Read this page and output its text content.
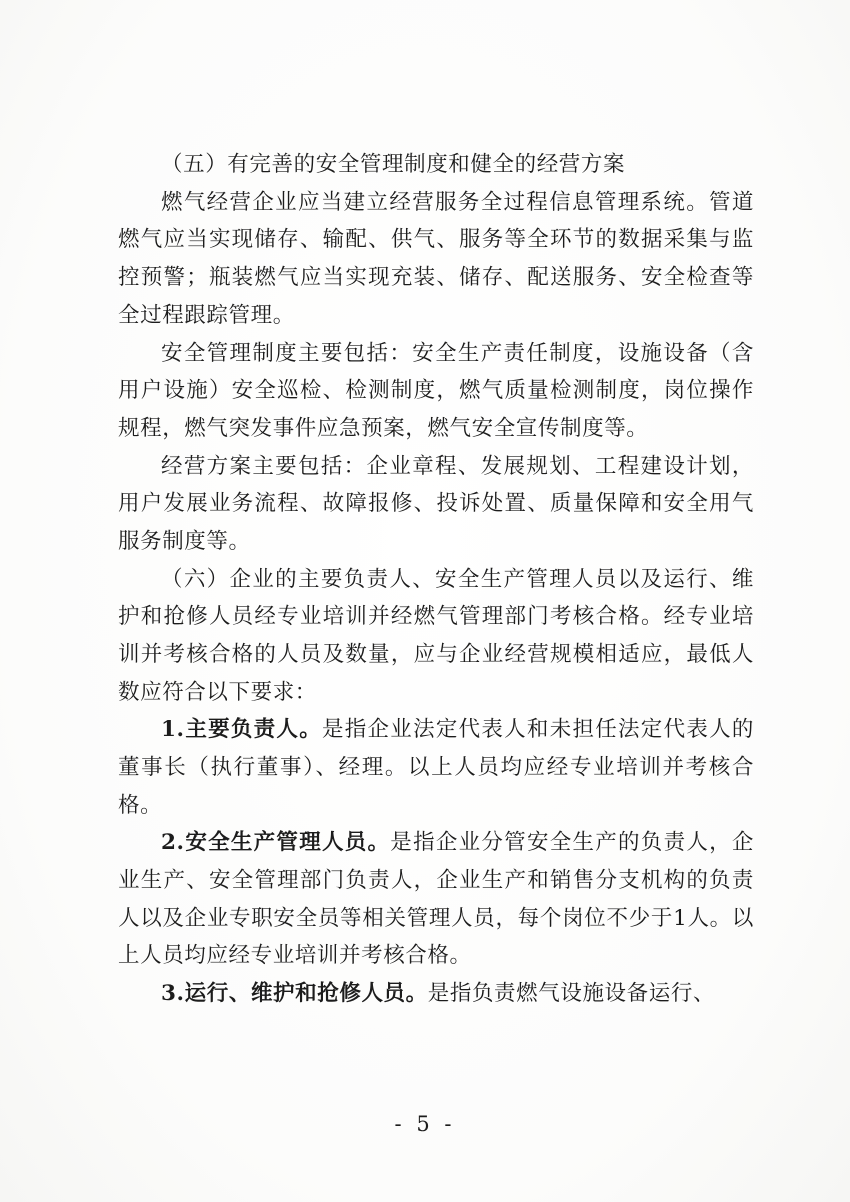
（五）有完善的安全管理制度和健全的经营方案

燃气经营企业应当建立经营服务全过程信息管理系统。管道燃气应当实现储存、输配、供气、服务等全环节的数据采集与监控预警；瓶装燃气应当实现充装、储存、配送服务、安全检查等全过程跟踪管理。

安全管理制度主要包括：安全生产责任制度，设施设备（含用户设施）安全巡检、检测制度，燃气质量检测制度，岗位操作规程，燃气突发事件应急预案，燃气安全宣传制度等。

经营方案主要包括：企业章程、发展规划、工程建设计划，用户发展业务流程、故障报修、投诉处置、质量保障和安全用气服务制度等。

（六）企业的主要负责人、安全生产管理人员以及运行、维护和抢修人员经专业培训并经燃气管理部门考核合格。经专业培训并考核合格的人员及数量，应与企业经营规模相适应，最低人数应符合以下要求：

1.主要负责人。是指企业法定代表人和未担任法定代表人的董事长（执行董事）、经理。以上人员均应经专业培训并考核合格。

2.安全生产管理人员。是指企业分管安全生产的负责人，企业生产、安全管理部门负责人，企业生产和销售分支机构的负责人以及企业专职安全员等相关管理人员，每个岗位不少于1人。以上人员均应经专业培训并考核合格。

3.运行、维护和抢修人员。是指负责燃气设施设备运行、

- 5 -
